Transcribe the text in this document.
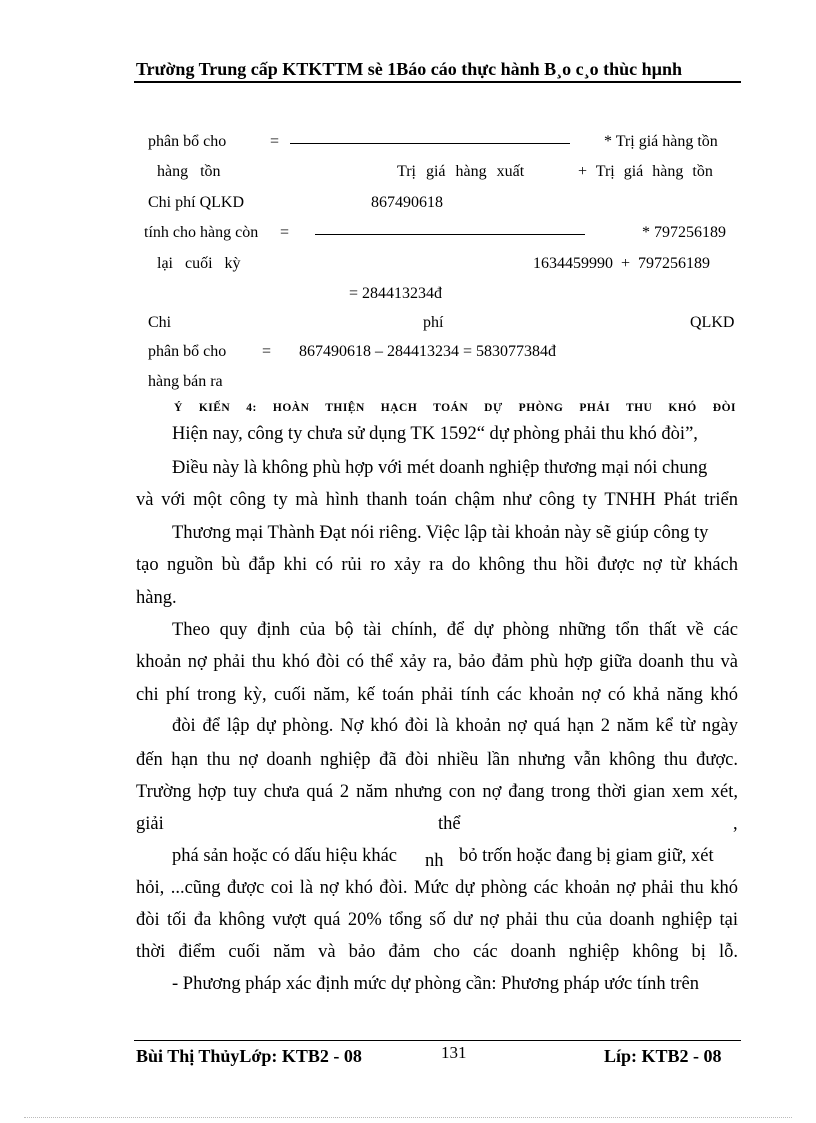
Trường Trung cấp KTKTTM sè 1Báo cáo thực hành B¸o c¸o thùc hµnh
phân bổ cho	=	* Trị giá hàng tồn
hàng tồn	Trị giá hàng xuất	+ Trị giá hàng tồn
Chi phí QLKD	867490618
tính cho hàng còn =	* 797256189
lại cuối kỳ	1634459990 + 797256189
= 284413234đ
Chi	phí	QLKD
phân bổ cho = 867490618 – 284413234 = 583077384đ
hàng bán ra
Ý KIẾN 4: HOÀN THIỆN HẠCH TOÁN DỰ PHÒNG PHẢI THU KHÓ ĐÒI
Hiện nay, công ty chưa sử dụng TK 1592“ dự phòng phải thu khó đòi”,
Điều này là không phù hợp với mét doanh nghiệp thương mại nói chung
và với một công ty mà hình thanh toán chậm như công ty TNHH Phát triển
Thương mại Thành Đạt nói riêng. Việc lập tài khoản này sẽ giúp công ty
tạo nguồn bù đắp khi có rủi ro xảy ra do không thu hồi được nợ từ khách
hàng.
Theo quy định của bộ tài chính, để dự phòng những tổn thất về các
khoản nợ phải thu khó đòi có thể xảy ra, bảo đảm phù hợp giữa doanh thu và
chi phí trong kỳ, cuối năm, kế toán phải tính các khoản nợ có khả năng khó
đòi để lập dự phòng. Nợ khó đòi là khoản nợ quá hạn 2 năm kể từ ngày
đến hạn thu nợ doanh nghiệp đã đòi nhiều lần nhưng vẫn không thu được.
Trường hợp tuy chưa quá 2 năm nhưng con nợ đang trong thời gian xem xét,
giải	thể	,
phá sản hoặc có dấu hiệu khác nh bỏ trốn hoặc đang bị giam giữ, xét
hỏi, ...cũng được coi là nợ khó đòi. Mức dự phòng các khoản nợ phải thu khó
đòi tối đa không vượt quá 20% tổng số dư nợ phải thu của doanh nghiệp tại
thời điểm cuối năm và bảo đảm cho các doanh nghiệp không bị lỗ.
- Phương pháp xác định mức dự phòng cần: Phương pháp ước tính trên
Bùi Thị ThủyLớp: KTB2 - 08	131	Líp: KTB2 - 08
